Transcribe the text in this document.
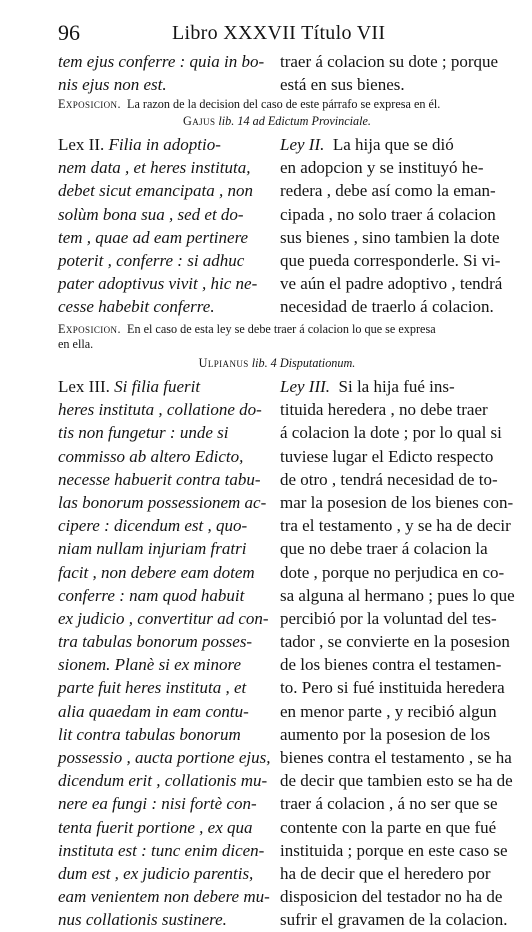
96	Libro XXXVII Título VII
tem ejus conferre : quia in bo-
nis ejus non est.
traer á colacion su dote ; porque
está en sus bienes.
Exposicion. La razon de la decision del caso de este párrafo se expresa en él.
Gajus lib. 14 ad Edictum Provinciale.
Lex II. Filia in adoptio-
nem data , et heres instituta,
debet sicut emancipata , non
solùm bona sua , sed et do-
tem , quae ad eam pertinere
poterit , conferre : si adhuc
pater adoptivus vivit , hic ne-
cesse habebit conferre.
Ley II. La hija que se dió
en adopcion y se instituyó he-
redera , debe así como la eman-
cipada , no solo traer á colacion
sus bienes , sino tambien la dote
que pueda corresponderle. Si vi-
ve aún el padre adoptivo , tendrá
necesidad de traerlo á colacion.
Exposicion. En el caso de esta ley se debe traer á colacion lo que se expresa
en ella.
Ulpianus lib. 4 Disputationum.
Lex III. Si filia fuerit
heres instituta , collatione do-
tis non fungetur : unde si
commisso ab altero Edicto,
necesse habuerit contra tabu-
las bonorum possessionem ac-
cipere : dicendum est , quo-
niam nullam injuriam fratri
facit , non debere eam dotem
conferre : nam quod habuit
ex judicio , convertitur ad con-
tra tabulas bonorum posses-
sionem. Planè si ex minore
parte fuit heres instituta , et
alia quaedam in eam contu-
lit contra tabulas bonorum
possessio , aucta portione ejus,
dicendum erit , collationis mu-
nere ea fungi : nisi fortè con-
tenta fuerit portione , ex qua
instituta est : tunc enim dicen-
dum est , ex judicio parentis,
eam venientem non debere mu-
nus collationis sustinere.
Ley III. Si la hija fué ins-
tituida heredera , no debe traer
á colacion la dote ; por lo qual si
tuviese lugar el Edicto respecto
de otro , tendrá necesidad de to-
mar la posesion de los bienes con-
tra el testamento , y se ha de decir
que no debe traer á colacion la
dote , porque no perjudica en co-
sa alguna al hermano ; pues lo que
percibió por la voluntad del tes-
tador , se convierte en la posesion
de los bienes contra el testamen-
to. Pero si fué instituida heredera
en menor parte , y recibió algun
aumento por la posesion de los
bienes contra el testamento , se ha
de decir que tambien esto se ha de
traer á colacion , á no ser que se
contente con la parte en que fué
instituida ; porque en este caso se
ha de decir que el heredero por
disposicion del testador no ha de
sufrir el gravamen de la colacion.
